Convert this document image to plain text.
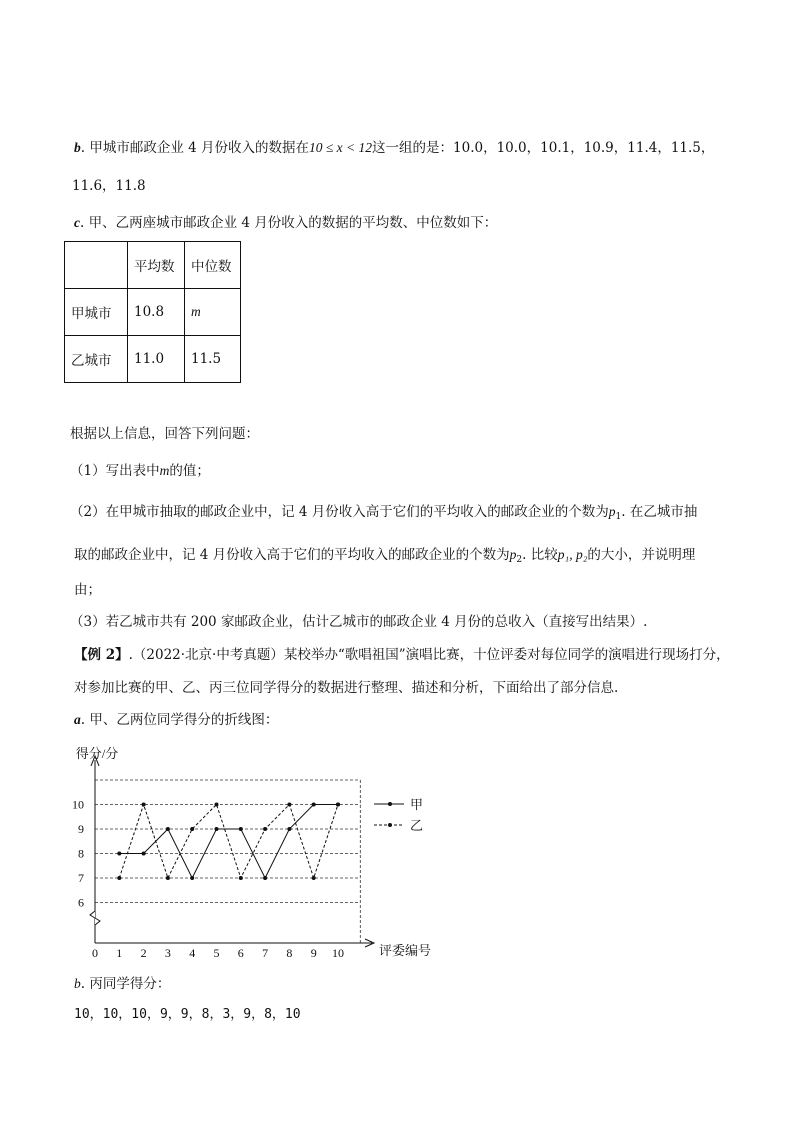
b. 甲城市邮政企业 4 月份收入的数据在10 ≤ x < 12这一组的是：10.0，10.0，10.1，10.9，11.4，11.5，
11.6，11.8
c. 甲、乙两座城市邮政企业 4 月份收入的数据的平均数、中位数如下：
	平均数	中位数
甲城市	10.8	m
乙城市	11.0	11.5
根据以上信息，回答下列问题：
（1）写出表中m的值；
（2）在甲城市抽取的邮政企业中，记 4 月份收入高于它们的平均收入的邮政企业的个数为$p_1$. 在乙城市抽
取的邮政企业中，记 4 月份收入高于它们的平均收入的邮政企业的个数为$p_2$. 比较p₁, p₂的大小，并说明理
由；
（3）若乙城市共有 200 家邮政企业，估计乙城市的邮政企业 4 月份的总收入（直接写出结果）.
【例 2】.（2022·北京·中考真题）某校举办“歌唱祖国”演唱比赛，十位评委对每位同学的演唱进行现场打分，
对参加比赛的甲、乙、丙三位同学得分的数据进行整理、描述和分析，下面给出了部分信息.
a. 甲、乙两位同学得分的折线图：
得分/分
评委编号
6
7
8
9
10
0 1 2 3 4 5 6 7 8 9 10
甲
乙
b. 丙同学得分：
10，10，10，9，9，8，3，9，8，10
